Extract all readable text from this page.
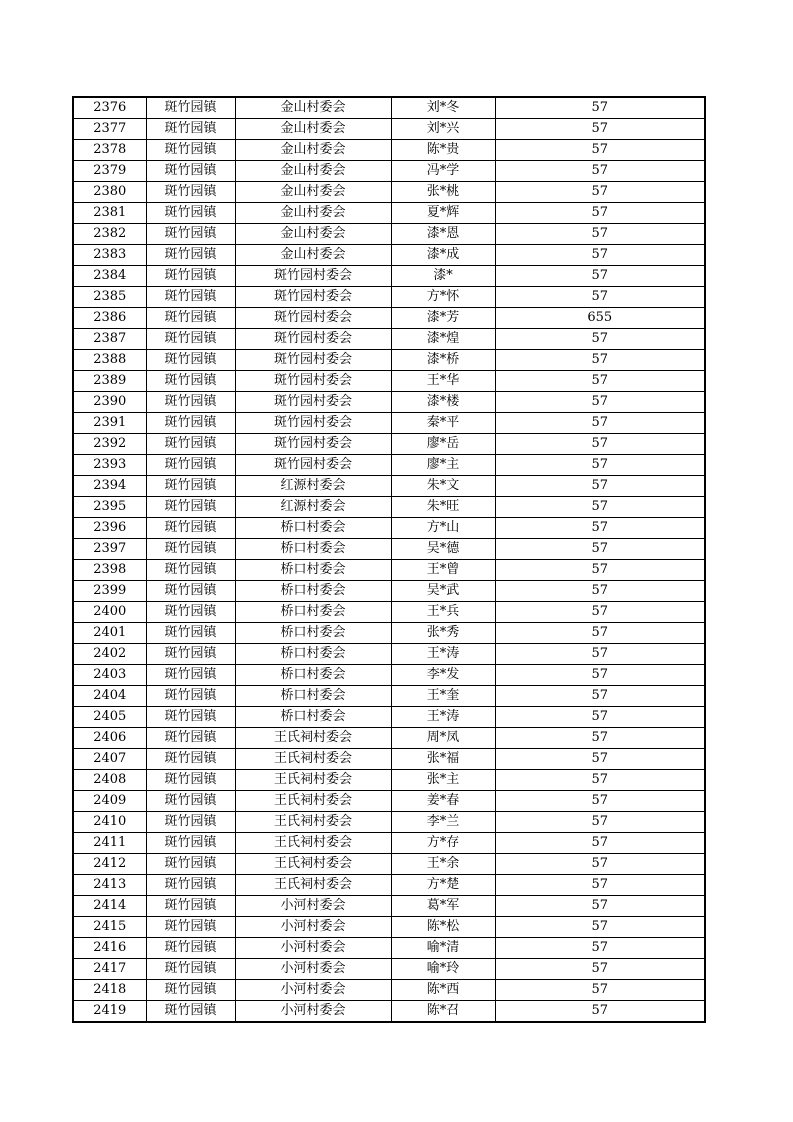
2376	斑竹园镇	金山村委会	刘*冬	57
2377	斑竹园镇	金山村委会	刘*兴	57
2378	斑竹园镇	金山村委会	陈*贵	57
2379	斑竹园镇	金山村委会	冯*学	57
2380	斑竹园镇	金山村委会	张*桃	57
2381	斑竹园镇	金山村委会	夏*辉	57
2382	斑竹园镇	金山村委会	漆*恩	57
2383	斑竹园镇	金山村委会	漆*成	57
2384	斑竹园镇	斑竹园村委会	漆*	57
2385	斑竹园镇	斑竹园村委会	方*怀	57
2386	斑竹园镇	斑竹园村委会	漆*芳	655
2387	斑竹园镇	斑竹园村委会	漆*煌	57
2388	斑竹园镇	斑竹园村委会	漆*桥	57
2389	斑竹园镇	斑竹园村委会	王*华	57
2390	斑竹园镇	斑竹园村委会	漆*楼	57
2391	斑竹园镇	斑竹园村委会	秦*平	57
2392	斑竹园镇	斑竹园村委会	廖*岳	57
2393	斑竹园镇	斑竹园村委会	廖*主	57
2394	斑竹园镇	红源村委会	朱*文	57
2395	斑竹园镇	红源村委会	朱*旺	57
2396	斑竹园镇	桥口村委会	方*山	57
2397	斑竹园镇	桥口村委会	吴*德	57
2398	斑竹园镇	桥口村委会	王*曾	57
2399	斑竹园镇	桥口村委会	吴*武	57
2400	斑竹园镇	桥口村委会	王*兵	57
2401	斑竹园镇	桥口村委会	张*秀	57
2402	斑竹园镇	桥口村委会	王*涛	57
2403	斑竹园镇	桥口村委会	李*发	57
2404	斑竹园镇	桥口村委会	王*奎	57
2405	斑竹园镇	桥口村委会	王*涛	57
2406	斑竹园镇	王氏祠村委会	周*凤	57
2407	斑竹园镇	王氏祠村委会	张*福	57
2408	斑竹园镇	王氏祠村委会	张*主	57
2409	斑竹园镇	王氏祠村委会	姜*春	57
2410	斑竹园镇	王氏祠村委会	李*兰	57
2411	斑竹园镇	王氏祠村委会	方*存	57
2412	斑竹园镇	王氏祠村委会	王*余	57
2413	斑竹园镇	王氏祠村委会	方*楚	57
2414	斑竹园镇	小河村委会	葛*军	57
2415	斑竹园镇	小河村委会	陈*松	57
2416	斑竹园镇	小河村委会	喻*清	57
2417	斑竹园镇	小河村委会	喻*玲	57
2418	斑竹园镇	小河村委会	陈*西	57
2419	斑竹园镇	小河村委会	陈*召	57
